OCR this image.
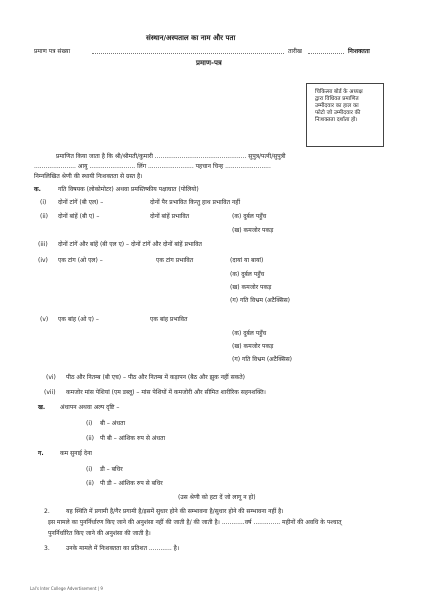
संस्थान/अस्पताल का नाम और पता
प्रमाण पत्र संख्या	तारीख	निःशक्तता
प्रमाण-पत्र
चिकित्सा बोर्ड के अध्यक्ष
द्वारा विधिवत प्रमाणित
उम्मीदवार का हाल का
फोटो जो उम्मीदवार की
निःशक्तता दर्शाता हो।
प्रमाणित किया जाता है कि श्री/श्रीमती/कुमारी ................................................ सुपुत्र/पत्नी/सुपुत्री
...................... आयु ........................ लिंग ........................ पहचान चिन्ह ........................
निम्नलिखित श्रेणी की स्थायी निःशक्तता से ग्रस्त है।
क.	गति विषयक (लोकोमोटर) अथवा प्रमस्तिष्कीय पक्षाघात (पोलियो)
(i) दोनों टांगें (बी एल) –	दोनों पैर प्रभावित किन्तु हाथ प्रभावित नहीं
(ii) दोनों बांहें (बी ए) –	दोनों बांहें प्रभावित	(क) दुर्बल पहुँच
(ख) कमजोर पकड़
(iii) दोनों टांगें और बांहें (बी एल ए) – दोनों टांगें और दोनों बांहें प्रभावित
(iv) एक टांग (ओ एल) –	एक टांग प्रभावित	(दायां या बायां)
(क) दुर्बल पहुँच
(ख) कमजोर पकड़
(ग) गति विभ्रम (अटैक्सिस)
(v) एक बांह (ओ ए) –	एक बांह प्रभावित
(क) दुर्बल पहुँच
(ख) कमजोर पकड़
(ग) गति विभ्रम (अटैक्सिस)
(vi) पीठ और नितम्ब (बी एच) – पीठ और नितम्ब में कड़ापन (बैठ और झुक नहीं सकते)
(vii) कमजोर मांस पेशियां (एम डब्लू) – मांस पेशियों में कमजोरी और सीमित शारीरिक सहनशक्ति।
ख. अंधापन अथवा अल्प दृष्टि –
(i) बी – अंधता
(ii) पी बी – आंशिक रुप से अंधता
ग.	कम सुनाई देना
(i) डी – बधिर
(ii) पी डी – आंशिक रुप से बधिर
(उस श्रेणी को हटा दें जो लागू न हो)
2.	यह स्थिति में प्रगामी है/गैर प्रगामी है/इसमें सुधार होने की सम्भावना है/सुधार होने की सम्भावना नहीं है।
इस मामले का पुनर्निर्धारण किए जाने की अनुशंसा नहीं की जाती है/ की जाती है। ............वर्ष .............. महीनों की अवधि के पश्चात्
पुनर्निर्धारित किए जाने की अनुशंसा की जाती है।
3.	उनके मामले में निःशक्तता का प्रतिशत ............ है।
Lal's Inter College Advertisement | 9
